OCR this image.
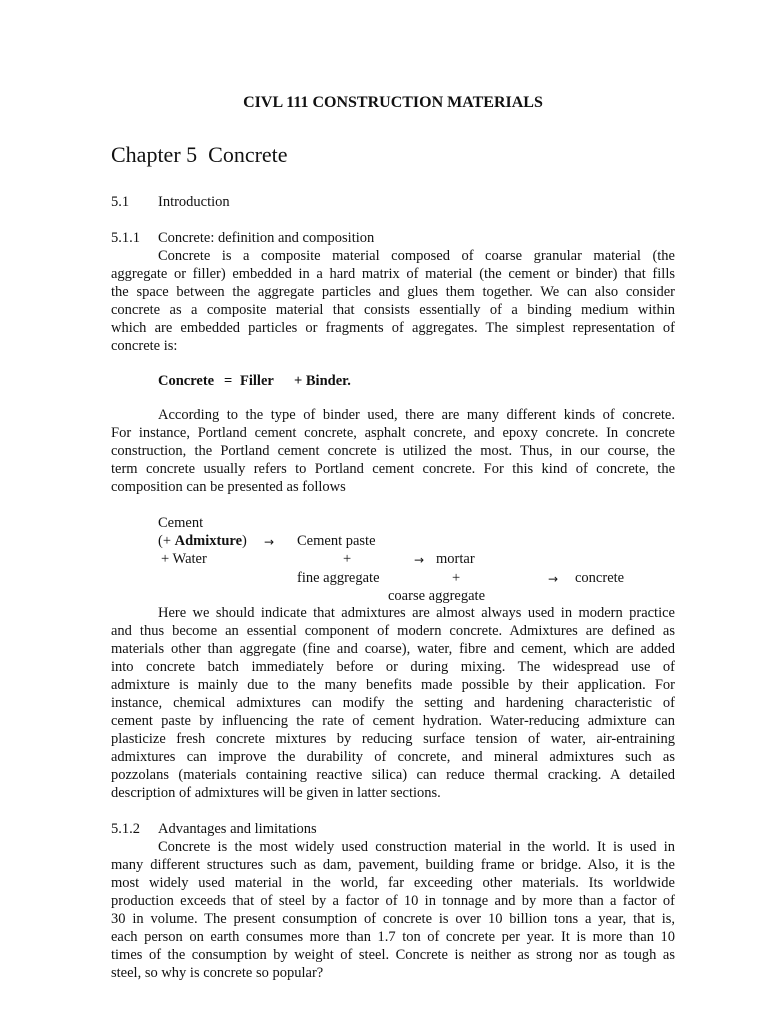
CIVL 111 CONSTRUCTION MATERIALS
Chapter 5  Concrete
5.1 Introduction
5.1.1 Concrete: definition and composition
Concrete is a composite material composed of coarse granular material (the
aggregate or filler) embedded in a hard matrix of material (the cement or binder) that fills
the space between the aggregate particles and glues them together. We can also consider
concrete as a composite material that consists essentially of a binding medium within
which are embedded particles or fragments of aggregates. The simplest representation of
concrete is:
Concrete = Filler + Binder.
According to the type of binder used, there are many different kinds of concrete.
For instance, Portland cement concrete, asphalt concrete, and epoxy concrete. In concrete
construction, the Portland cement concrete is utilized the most. Thus, in our course, the
term concrete usually refers to Portland cement concrete. For this kind of concrete, the
composition can be presented as follows
Cement
(+ Admixture) → Cement paste
+ Water	+	→ mortar
fine aggregate	+	→ concrete
coarse aggregate
Here we should indicate that admixtures are almost always used in modern practice
and thus become an essential component of modern concrete. Admixtures are defined as
materials other than aggregate (fine and coarse), water, fibre and cement, which are added
into concrete batch immediately before or during mixing. The widespread use of
admixture is mainly due to the many benefits made possible by their application. For
instance, chemical admixtures can modify the setting and hardening characteristic of
cement paste by influencing the rate of cement hydration. Water-reducing admixture can
plasticize fresh concrete mixtures by reducing surface tension of water, air-entraining
admixtures can improve the durability of concrete, and mineral admixtures such as
pozzolans (materials containing reactive silica) can reduce thermal cracking. A detailed
description of admixtures will be given in latter sections.
5.1.2 Advantages and limitations
Concrete is the most widely used construction material in the world. It is used in
many different structures such as dam, pavement, building frame or bridge. Also, it is the
most widely used material in the world, far exceeding other materials. Its worldwide
production exceeds that of steel by a factor of 10 in tonnage and by more than a factor of
30 in volume. The present consumption of concrete is over 10 billion tons a year, that is,
each person on earth consumes more than 1.7 ton of concrete per year. It is more than 10
times of the consumption by weight of steel. Concrete is neither as strong nor as tough as
steel, so why is concrete so popular?
